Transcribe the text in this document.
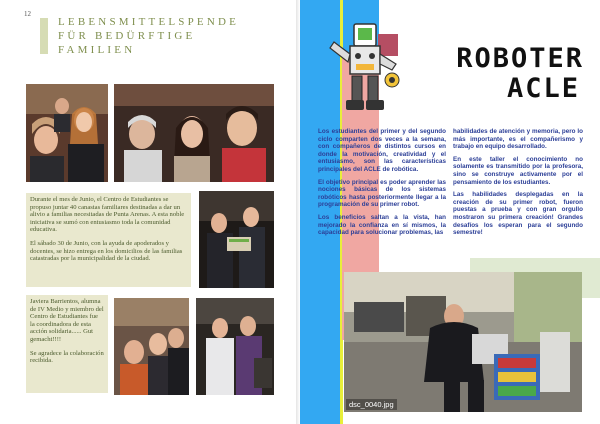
12
LEBENSMITTELSPENDE
FÜR BEDÜRFTIGE
FAMILIEN

Durante el mes de Junio, el Centro de Estudiantes se propuso juntar 40 canastas familiares destinadas a dar un alivio a familias necesitadas de Punta Arenas. A esta noble iniciativa se sumó con entusiasmo toda la comunidad educativa.

El sábado 30 de Junio, con la ayuda de apoderados y docentes, se hizo entrega en los domicilios de las familias catastradas por la municipalidad de la ciudad.

Javiera Barrientos, alumna de IV Medio y miembro del Centro de Estudiantes fue la coordinadora de esta acción solidaria...... Gut gemacht!!!!

Se agradece la colaboración recibida.

ROBOTER
ACLE

Los estudiantes del primer y del segundo ciclo comparten dos veces a la semana, con compañeros de distintos cursos en donde la motivación, creatividad y el entusiasmo, son las características principales del ACLE de robótica.

El objetivo principal es poder aprender las nociones básicas de los sistemas robóticos hasta posteriormente llegar a la programación de su primer robot.

Los beneficios saltan a la vista, han mejorado la confianza en sí mismos, la capacidad para solucionar problemas, las

habilidades de atención y memoria, pero lo más importante, es el compañerismo y trabajo en equipo desarrollado.

En este taller el conocimiento no solamente es transmitido por la profesora, sino se construye activamente por el pensamiento de los estudiantes.

Las habilidades desplegadas en la creación de su primer robot, fueron puestas a prueba y con gran orgullo mostraron su primera creación! Grandes desafíos los esperan para el segundo semestre!

dsc_0040.jpg
